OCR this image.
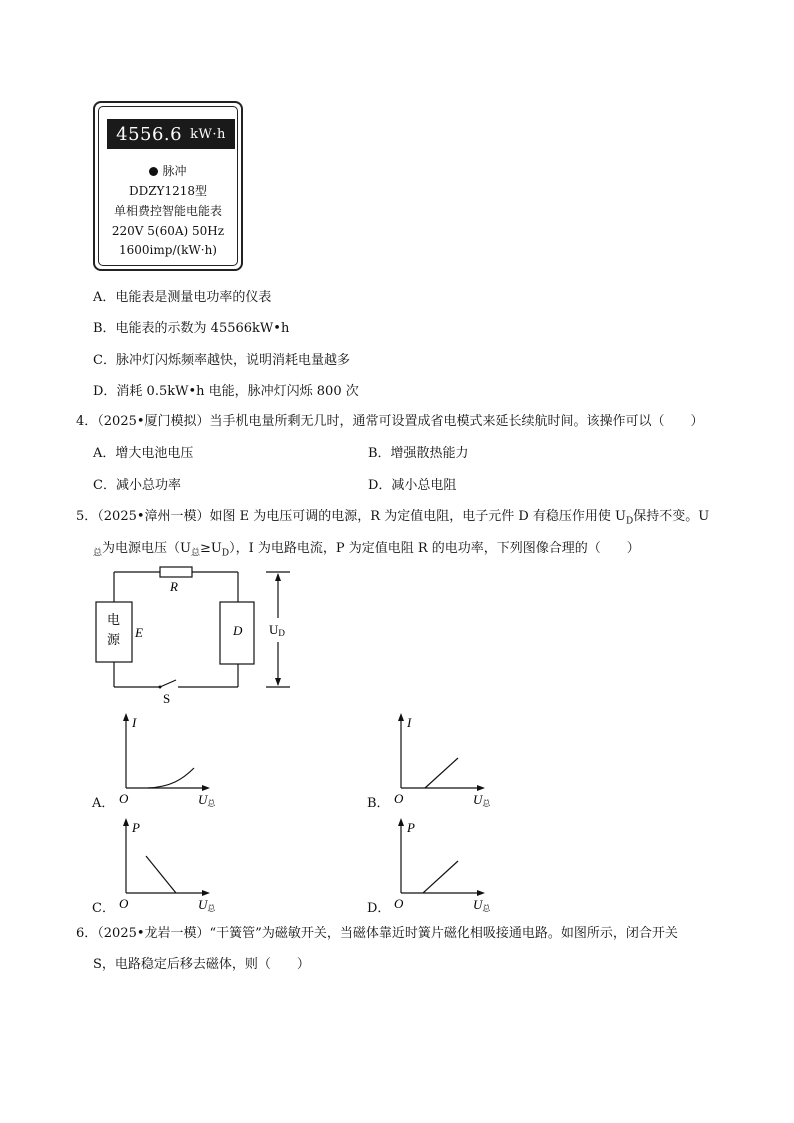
4556.6 kW·h
脉冲
DDZY1218型
单相费控智能电能表
220V 5(60A) 50Hz
1600imp/(kW·h)
A．电能表是测量电功率的仪表
B．电能表的示数为 45566kW•h
C．脉冲灯闪烁频率越快，说明消耗电量越多
D．消耗 0.5kW•h 电能，脉冲灯闪烁 800 次
4．（2025•厦门模拟）当手机电量所剩无几时，通常可设置成省电模式来延长续航时间。该操作可以（　　）
A．增大电池电压	B．增强散热能力
C．减小总功率	D．减小总电阻
5．（2025•漳州一模）如图 E 为电压可调的电源，R 为定值电阻，电子元件 D 有稳压作用使 $U_D$保持不变。U
$_总$为电源电压$(U_总\ge U_D)$，I 为电路电流，P 为定值电阻 R 的电功率，下列图像合理的（　　）
R
电
源
E	D UD
S
A．
I
O	U总	B．
I
O	U总
C．
P
O	U总	D．
P
O	U总
6．（2025•龙岩一模）“干簧管”为磁敏开关，当磁体靠近时簧片磁化相吸接通电路。如图所示，闭合开关
S，电路稳定后移去磁体，则（　　）
